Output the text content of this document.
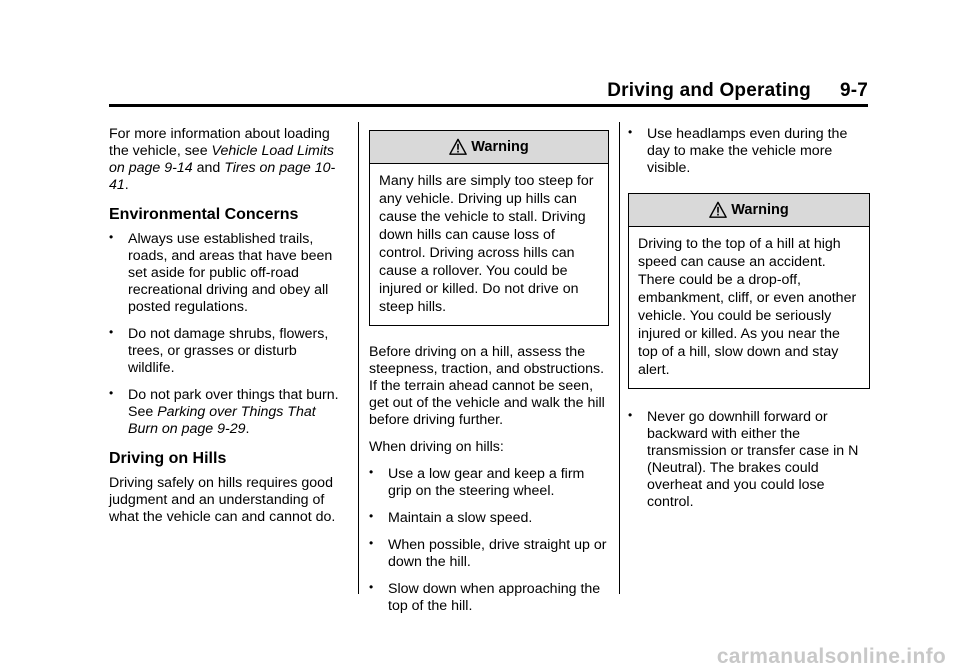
Driving and Operating 9-7

For more information about loading the vehicle, see Vehicle Load Limits on page 9-14 and Tires on page 10-41.

Environmental Concerns
• Always use established trails, roads, and areas that have been set aside for public off-road recreational driving and obey all posted regulations.
• Do not damage shrubs, flowers, trees, or grasses or disturb wildlife.
• Do not park over things that burn. See Parking over Things That Burn on page 9-29.
Driving on Hills

Driving safely on hills requires good judgment and an understanding of what the vehicle can and cannot do.

Warning
Many hills are simply too steep for any vehicle. Driving up hills can cause the vehicle to stall. Driving down hills can cause loss of control. Driving across hills can cause a rollover. You could be injured or killed. Do not drive on steep hills.

Before driving on a hill, assess the steepness, traction, and obstructions. If the terrain ahead cannot be seen, get out of the vehicle and walk the hill before driving further.

When driving on hills:

• Use a low gear and keep a firm grip on the steering wheel.
• Maintain a slow speed.
• When possible, drive straight up or down the hill.
• Slow down when approaching the top of the hill.
• Use headlamps even during the day to make the vehicle more visible.
Warning
Driving to the top of a hill at high speed can cause an accident. There could be a drop-off, embankment, cliff, or even another vehicle. You could be seriously injured or killed. As you near the top of a hill, slow down and stay alert.
• Never go downhill forward or backward with either the transmission or transfer case in N (Neutral). The brakes could overheat and you could lose control.
carmanualsonline.info
